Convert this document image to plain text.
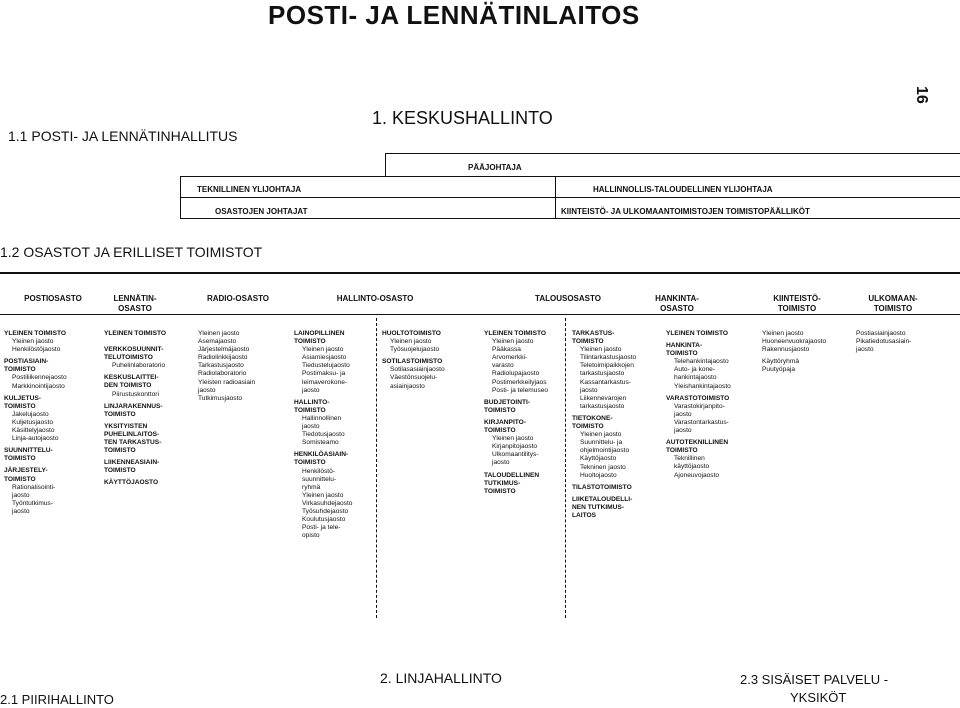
POSTI- JA LENNÄTINLAITOS
16
1. KESKUSHALLINTO
1.1 POSTI- JA LENNÄTINHALLITUS
PÄÄJOHTAJA
TEKNILLINEN YLIJOHTAJA	HALLINNOLLIS-TALOUDELLINEN YLIJOHTAJA
OSASTOJEN JOHTAJAT	KIINTEISTÖ- JA ULKOMAANTOIMISTOJEN TOIMISTOPÄÄLLIKÖT
1.2 OSASTOT JA ERILLISET TOIMISTOT
POSTIOSASTO	LENNÄTIN-
OSASTO
RADIO-OSASTO	HALLINTO-OSASTO	TALOUSOSASTO	HANKINTA-
OSASTO
KIINTEISTÖ-
TOIMISTO
ULKOMAAN-
TOIMISTO
YLEINEN TOIMISTO
Yleinen jaosto
Henkilöstöjaosto
POSTIASIAIN-
TOIMISTO
Postiliikennejaosto
Markkinointijaosto
KULJETUS-
TOIMISTO
Jakelujaosto
Kuljetusjaosto
Käsittelyjaosto
Linja-autojaosto
SUUNNITTELU-
TOIMISTO
JÄRJESTELY-
TOIMISTO
Rationalisointi-
jaosto
Työntutkimus-
jaosto
YLEINEN TOIMISTO
VERKKOSUUNNIT-
TELUTOIMISTO
Puhelinlaboratorio
KESKUSLAITTEI-
DEN TOIMISTO
Piirustuskonttori
LINJARAKENNUS-
TOIMISTO
YKSITYISTEN
PUHELINLAITOS-
TEN TARKASTUS-
TOIMISTO
LIIKENNEASIAIN-
TOIMISTO
KÄYTTÖJAOSTO
Yleinen jaosto
Asemajaosto
Järjestelmäjaosto
Radiolinkkijaosto
Tarkastusjaosto
Radiolaboratorio
Yleisten radioasiain
jaosto
Tutkimusjaosto
LAINOPILLINEN
TOIMISTO
Yleinen jaosto
Asiamiesjaosto
Tiedustelujaosto
Postimaksu- ja
leimaverokone-
jaosto
HALLINTO-
TOIMISTO
Hallinnollinen
jaosto
Tiedotusjaosto
Somisteamo
HENKILÖASIAIN-
TOIMISTO
Henkilöstö-
suunnittelu-
ryhmä
Yleinen jaosto
Virkasuhdejaosto
Työsuhdejaosto
Koulutusjaosto
Posti- ja tele-
opisto
HUOLTOTOIMISTO
Yleinen jaosto
Työsuojelujaosto
SOTILASTOIMISTO
Sotilasasiainjaosto
Väestönsuojelu-
asiainjaosto
YLEINEN TOIMISTO
Yleinen jaosto
Pääkassa
Arvomerkki-
varasto
Radiolupajaosto
Postimerkkeilyjaos
Posti- ja telemuseo
BUDJETOINTI-
TOIMISTO
KIRJANPITO-
TOIMISTO
Yleinen jaosto
Kirjanpitojaosto
Ulkomaantilitys-
jaosto
TALOUDELLINEN
TUTKIMUS-
TOIMISTO
TARKASTUS-
TOIMISTO
Yleinen jaosto
Tilintarkastusjaosto
Teletoimipaikkojen
tarkastusjaosto
Kassantarkastus-
jaosto
Liikennevarojen
tarkastusjaosto
TIETOKONE-
TOIMISTO
Yleinen jaosto
Suunnittelu- ja
ohjelmointijaosto
Käyttöjaosto
Tekninen jaosto
Huoltojaosto
TILASTOTOIMISTO
LIIKETALOUDELLI-
NEN TUTKIMUS-
LAITOS
YLEINEN TOIMISTO
HANKINTA-
TOIMISTO
Telehankintajaosto
Auto- ja kone-
hankintajaosto
Yleishankintajaosto
VARASTOTOIMISTO
Varastokirjanpito-
jaosto
Varastontarkastus-
jaosto
AUTOTEKNILLINEN
TOIMISTO
Teknillinen
käyttöjaosto
Ajoneuvojaosto
Yleinen jaosto
Huoneenvuokrajaosto
Rakennusjaosto
Käyttöryhmä
Puutyöpaja
Postiasiainjaosto
Pikatiedotusasiain-
jaosto
2.1 PIIRIHALLINTO
2. LINJAHALLINTO	2.3 SISÄISET PALVELU -
YKSIKÖT
